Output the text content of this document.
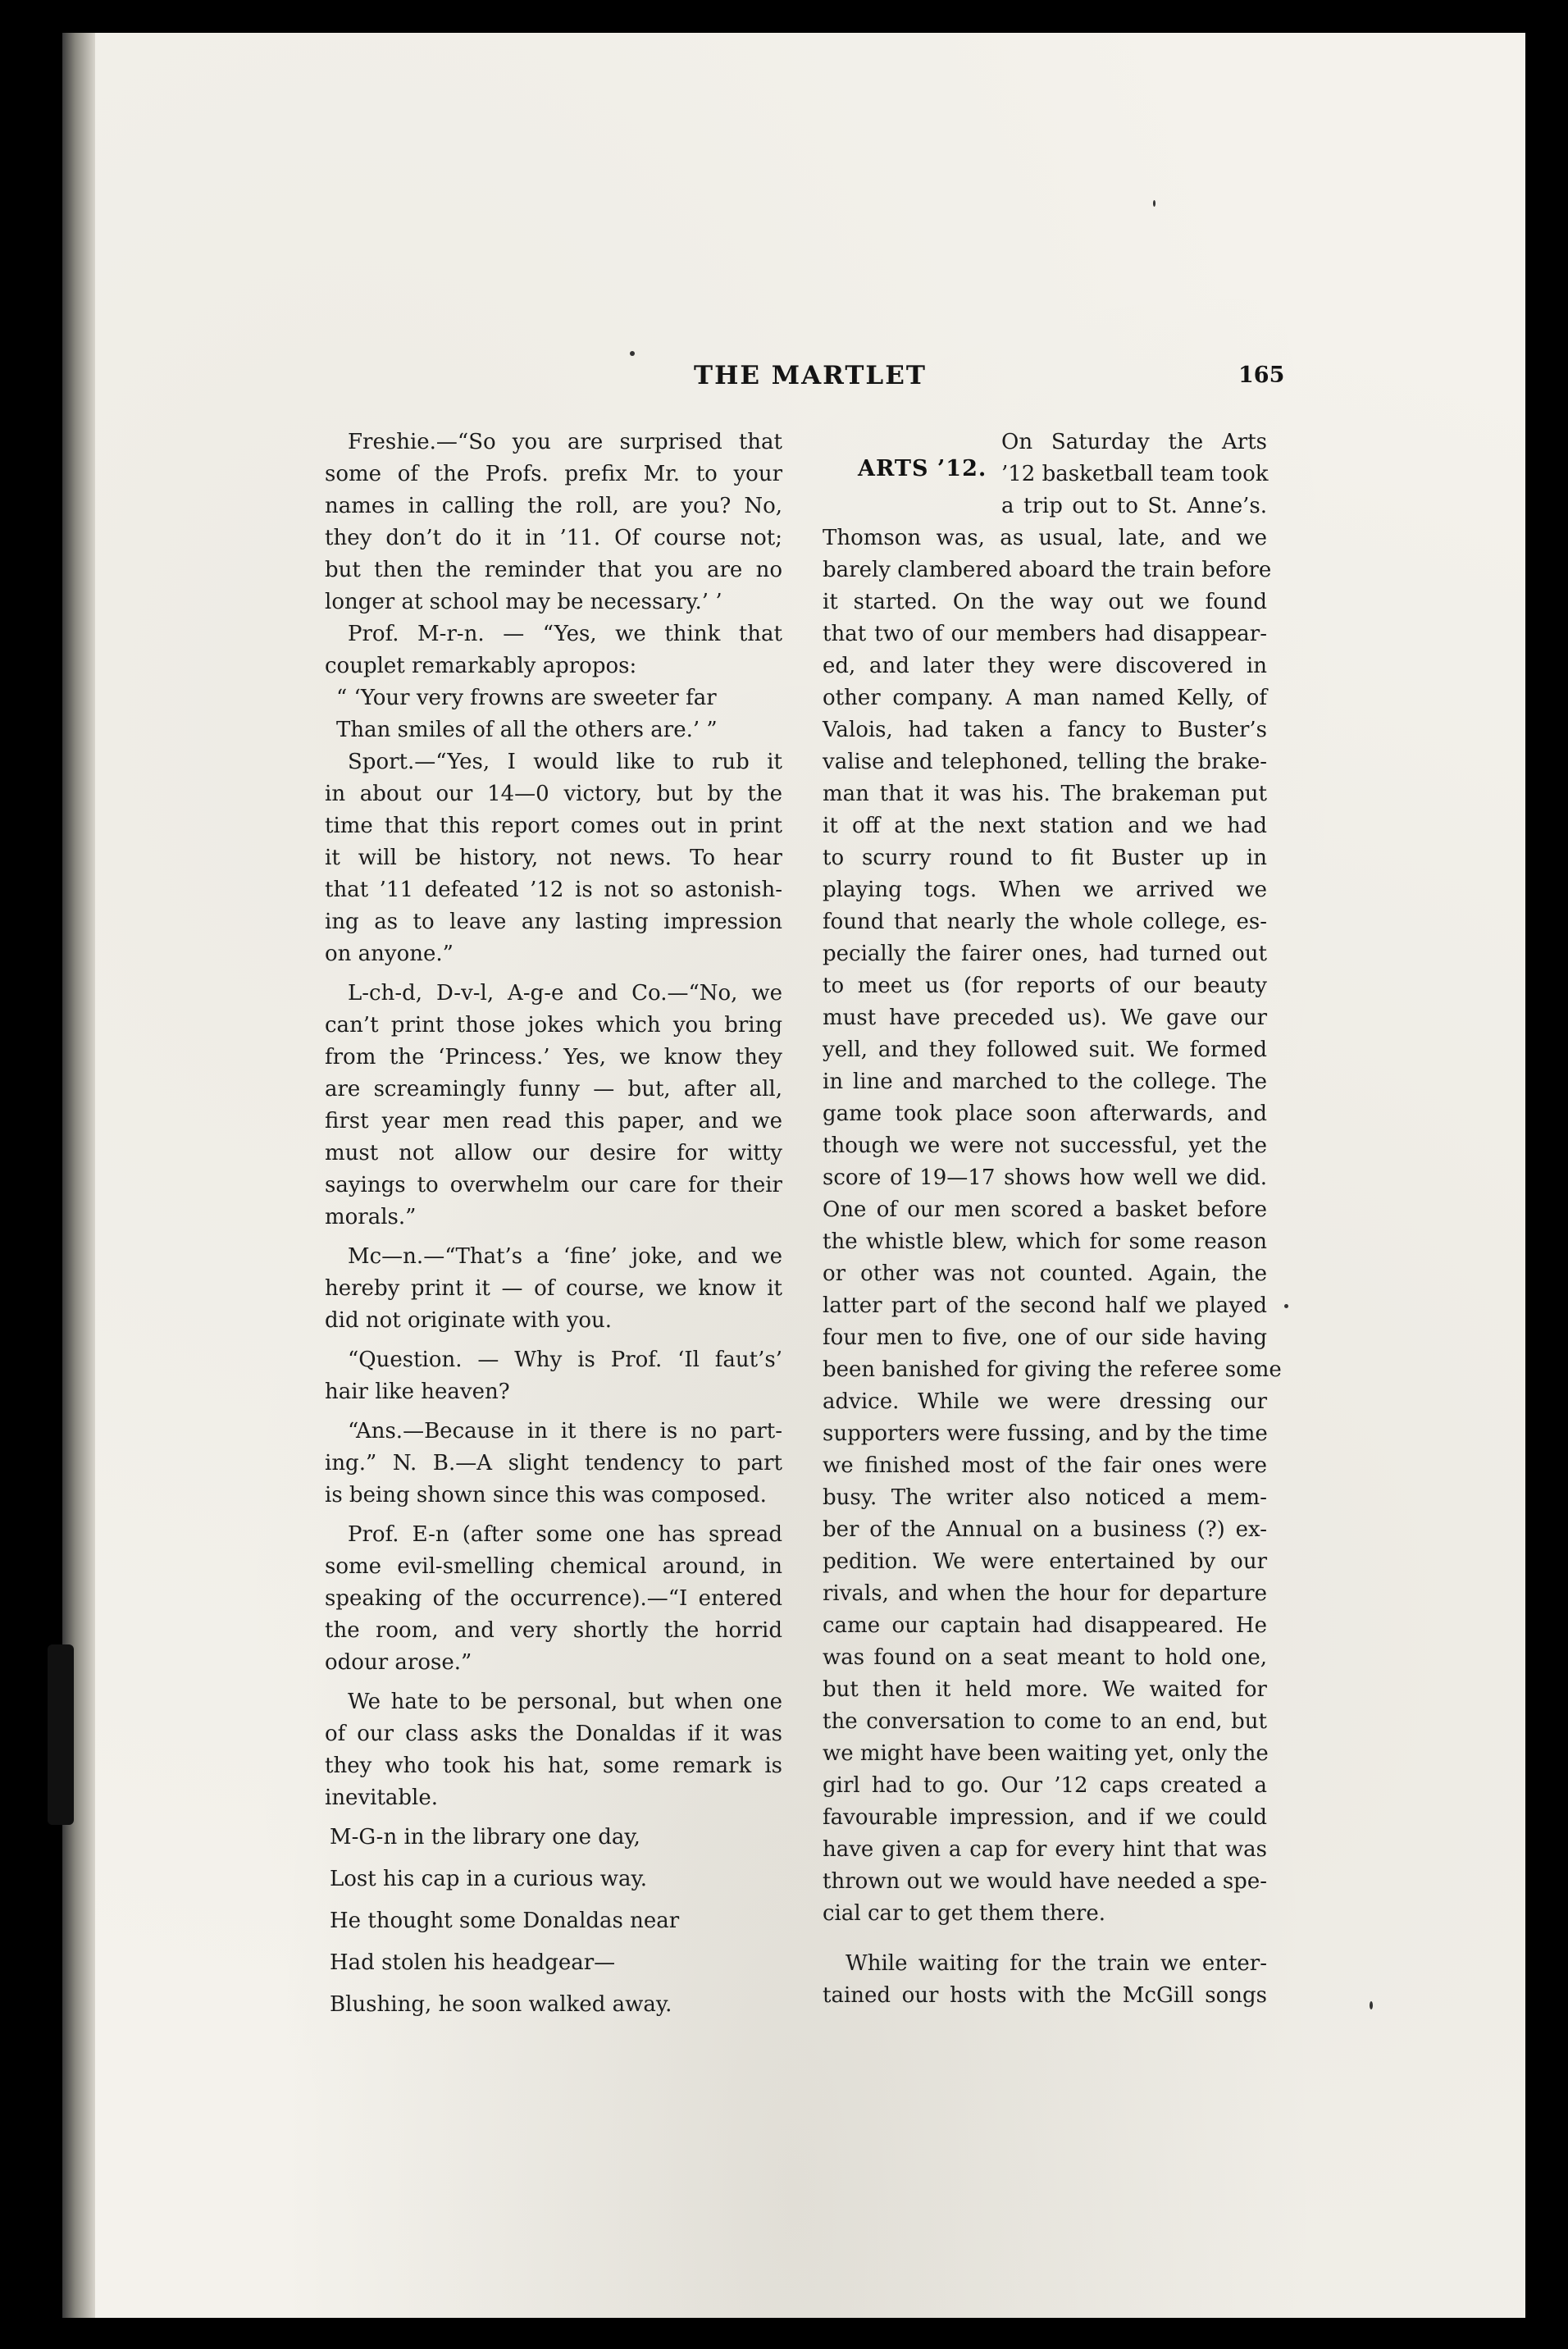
THE MARTLET	165
Freshie.—“So you are surprised that
some of the Profs. prefix Mr. to your
names in calling the roll, are you? No,
they don’t do it in ’11. Of course not;
but then the reminder that you are no
longer at school may be necessary.’ ’
Prof. M-r-n. — “Yes, we think that
couplet remarkably apropos:
“ ‘Your very frowns are sweeter far
Than smiles of all the others are.’ ”
Sport.—“Yes, I would like to rub it
in about our 14—0 victory, but by the
time that this report comes out in print
it will be history, not news. To hear
that ’11 defeated ’12 is not so astonish-
ing as to leave any lasting impression
on anyone.”
L-ch-d, D-v-l, A-g-e and Co.—“No, we
can’t print those jokes which you bring
from the ‘Princess.’ Yes, we know they
are screamingly funny — but, after all,
first year men read this paper, and we
must not allow our desire for witty
sayings to overwhelm our care for their
morals.”
Mc—n.—“That’s a ‘fine’ joke, and we
hereby print it — of course, we know it
did not originate with you.
“Question. — Why is Prof. ‘Il faut’s’
hair like heaven?
“Ans.—Because in it there is no part-
ing.” N. B.—A slight tendency to part
is being shown since this was composed.
Prof. E-n (after some one has spread
some evil-smelling chemical around, in
speaking of the occurrence).—“I entered
the room, and very shortly the horrid
odour arose.”
We hate to be personal, but when one
of our class asks the Donaldas if it was
they who took his hat, some remark is
inevitable.
M-G-n in the library one day,
Lost his cap in a curious way.
He thought some Donaldas near
Had stolen his headgear—
Blushing, he soon walked away.
ARTS ’12.
On Saturday the Arts
’12 basketball team took
a trip out to St. Anne’s.
Thomson was, as usual, late, and we
barely clambered aboard the train before
it started. On the way out we found
that two of our members had disappear-
ed, and later they were discovered in
other company. A man named Kelly, of
Valois, had taken a fancy to Buster’s
valise and telephoned, telling the brake-
man that it was his. The brakeman put
it off at the next station and we had
to scurry round to fit Buster up in
playing togs. When we arrived we
found that nearly the whole college, es-
pecially the fairer ones, had turned out
to meet us (for reports of our beauty
must have preceded us). We gave our
yell, and they followed suit. We formed
in line and marched to the college. The
game took place soon afterwards, and
though we were not successful, yet the
score of 19—17 shows how well we did.
One of our men scored a basket before
the whistle blew, which for some reason
or other was not counted. Again, the
latter part of the second half we played
four men to five, one of our side having
been banished for giving the referee some
advice. While we were dressing our
supporters were fussing, and by the time
we finished most of the fair ones were
busy. The writer also noticed a mem-
ber of the Annual on a business (?) ex-
pedition. We were entertained by our
rivals, and when the hour for departure
came our captain had disappeared. He
was found on a seat meant to hold one,
but then it held more. We waited for
the conversation to come to an end, but
we might have been waiting yet, only the
girl had to go. Our ’12 caps created a
favourable impression, and if we could
have given a cap for every hint that was
thrown out we would have needed a spe-
cial car to get them there.
While waiting for the train we enter-
tained our hosts with the McGill songs
